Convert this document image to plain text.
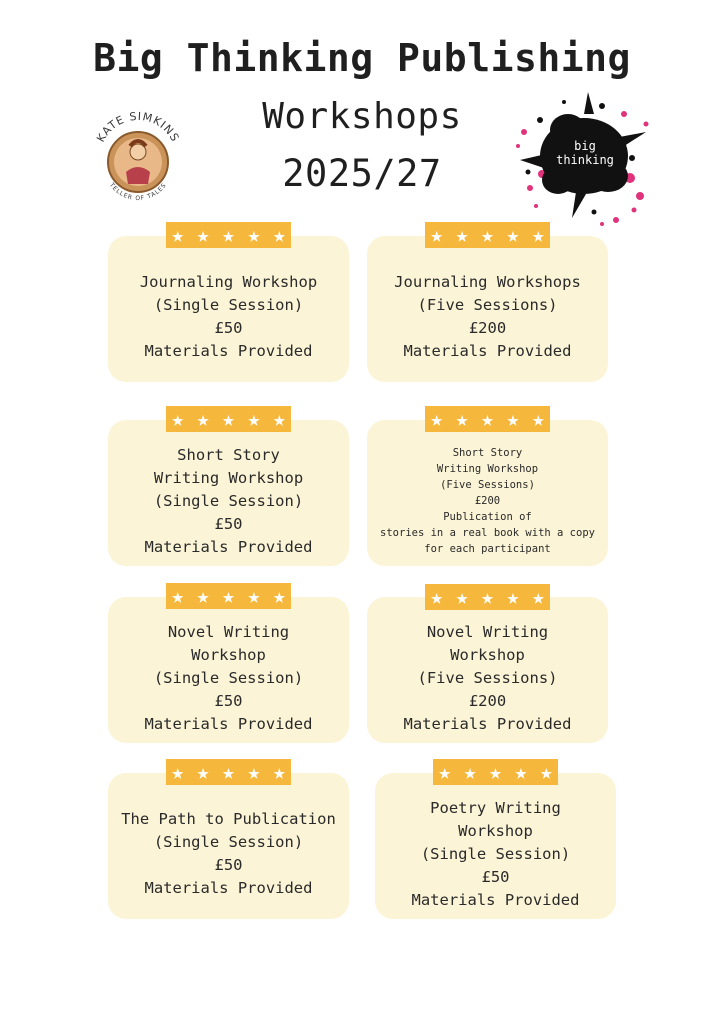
Big Thinking Publishing
Workshops
2025/27
KATE SIMKINS
TELLER OF TALES
big
thinking
Journaling Workshop
(Single Session)
£50
Materials Provided
Journaling Workshops
(Five Sessions)
£200
Materials Provided
Short Story
Writing Workshop
(Single Session)
£50
Materials Provided
Short Story
Writing Workshop
(Five Sessions)
£200
Publication of
stories in a real book with a copy
for each participant
Novel Writing
Workshop
(Single Session)
£50
Materials Provided
Novel Writing
Workshop
(Five Sessions)
£200
Materials Provided
The Path to Publication
(Single Session)
£50
Materials Provided
Poetry Writing
Workshop
(Single Session)
£50
Materials Provided
★ ★ ★ ★ ★	★ ★ ★ ★ ★
★ ★ ★ ★ ★	★ ★ ★ ★ ★
★ ★ ★ ★ ★	★ ★ ★ ★ ★
★ ★ ★ ★ ★	★ ★ ★ ★ ★
